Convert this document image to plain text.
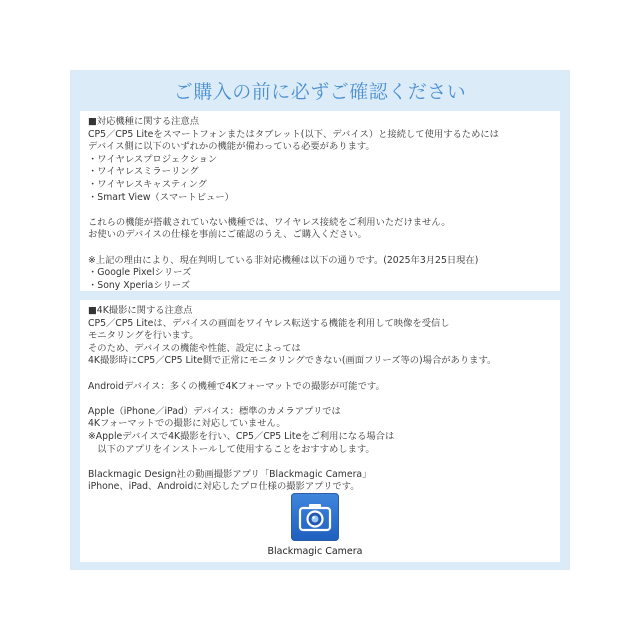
ご購入の前に必ずご確認ください
■対応機種に関する注意点
CP5／CP5 Liteをスマートフォンまたはタブレット(以下、デバイス）と接続して使用するためには
デバイス側に以下のいずれかの機能が備わっている必要があります。
・ワイヤレスプロジェクション
・ワイヤレスミラーリング
・ワイヤレスキャスティング
・Smart View（スマートビュー）
これらの機能が搭載されていない機種では、ワイヤレス接続をご利用いただけません。
お使いのデバイスの仕様を事前にご確認のうえ、ご購入ください。
※上記の理由により、現在判明している非対応機種は以下の通りです。(2025年3月25日現在)
・Google Pixelシリーズ
・Sony Xperiaシリーズ
■4K撮影に関する注意点
CP5／CP5 Liteは、デバイスの画面をワイヤレス転送する機能を利用して映像を受信し
モニタリングを行います。
そのため、デバイスの機能や性能、設定によっては
4K撮影時にCP5／CP5 Lite側で正常にモニタリングできない(画面フリーズ等の)場合があります。
Androidデバイス：多くの機種で4Kフォーマットでの撮影が可能です。
Apple（iPhone／iPad）デバイス：標準のカメラアプリでは
4Kフォーマットでの撮影に対応していません。
※Appleデバイスで4K撮影を行い、CP5／CP5 Liteをご利用になる場合は
　以下のアプリをインストールして使用することをおすすめします。
Blackmagic Design社の動画撮影アプリ「Blackmagic Camera」
iPhone、iPad、Androidに対応したプロ仕様の撮影アプリです。
Blackmagic Camera
